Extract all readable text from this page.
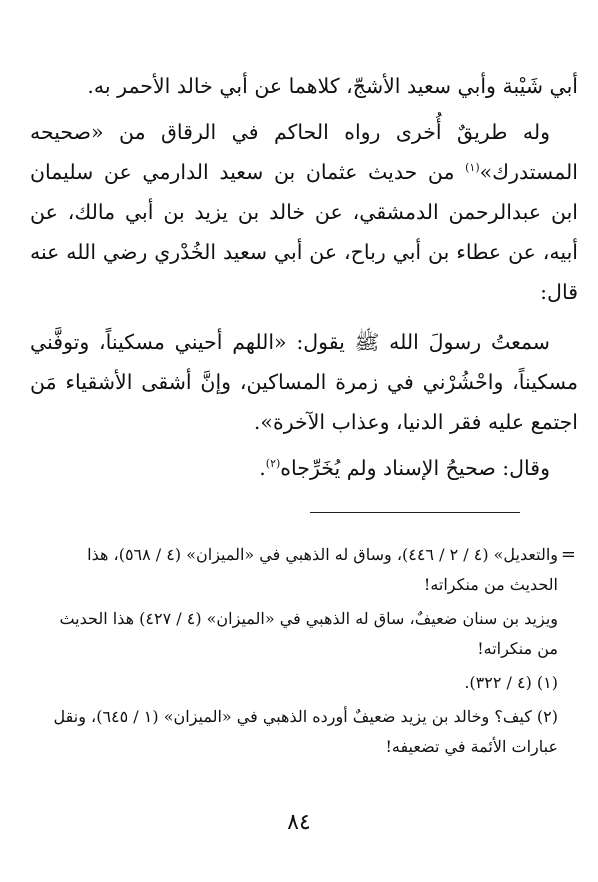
أبي شَيْبة وأبي سعيد الأشجّ، كلاهما عن أبي خالد الأحمر به.

وله طريقٌ أُخرى رواه الحاكم في الرقاق من «صحيحه المستدرك»$^{(١)}$ من حديث عثمان بن سعيد الدارمي عن سليمان ابن عبدالرحمن الدمشقي، عن خالد بن يزيد بن أبي مالك، عن أبيه، عن عطاء بن أبي رباح، عن أبي سعيد الخُدْري رضي الله عنه قال:

سمعتُ رسولَ الله ﷺ يقول: «اللهم أحيني مسكيناً، وتوفَّني مسكيناً، واحْشُرْني في زمرة المساكين، وإنَّ أشقى الأشقياء مَن اجتمع عليه فقر الدنيا، وعذاب الآخرة».

وقال: صحيحُ الإسناد ولم يُخَرِّجاه$^{(٢)}$.

=

والتعديل» (٤ / ٢ / ٤٤٦)، وساق له الذهبي في «الميزان» (٤ / ٥٦٨)، هذا الحديث من منكراته!

ويزيد بن سنان ضعيفٌ، ساق له الذهبي في «الميزان» (٤ / ٤٢٧) هذا الحديث من منكراته!

(١) (٤ / ٣٢٢).

(٢) كيف؟ وخالد بن يزيد ضعيفٌ أورده الذهبي في «الميزان» (١ / ٦٤٥)، ونقل عبارات الأئمة في تضعيفه!

٨٤
